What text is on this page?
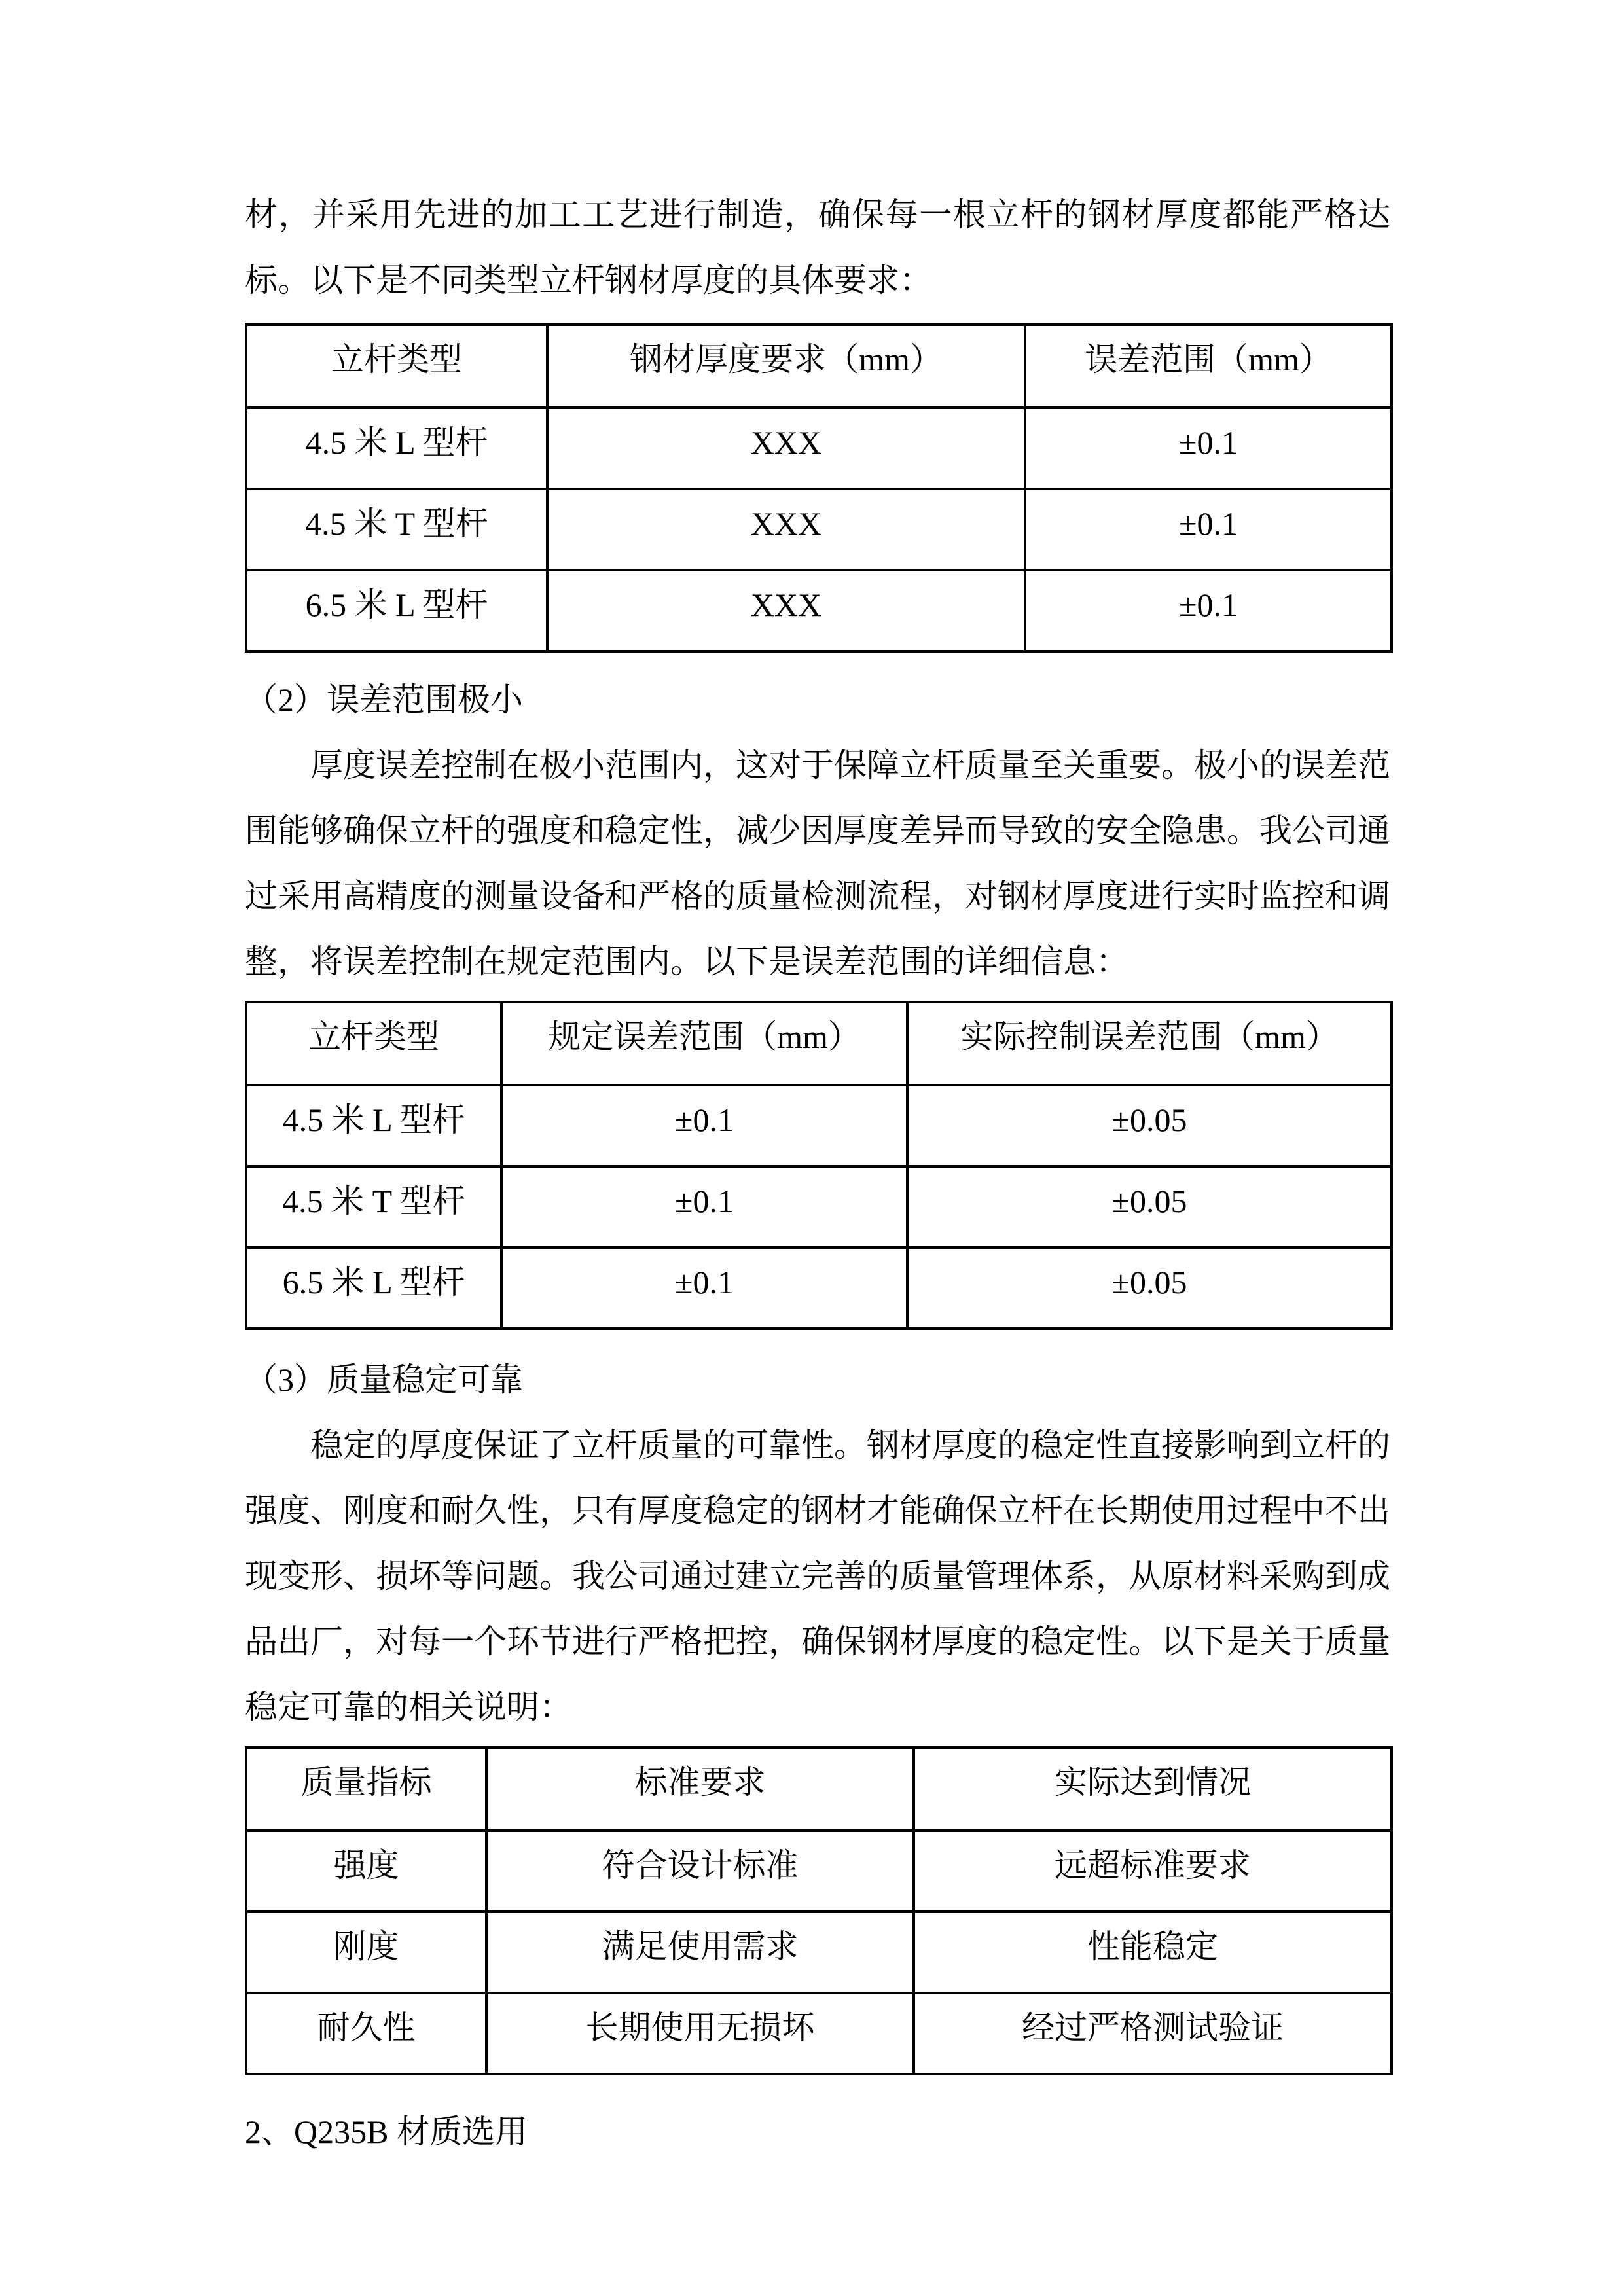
材，并采用先进的加工工艺进行制造，确保每一根立杆的钢材厚度都能严格达标。以下是不同类型立杆钢材厚度的具体要求：

立杆类型	钢材厚度要求（mm）	误差范围（mm）
4.5 米 L 型杆	XXX	±0.1
4.5 米 T 型杆	XXX	±0.1
6.5 米 L 型杆	XXX	±0.1
（2）误差范围极小

厚度误差控制在极小范围内，这对于保障立杆质量至关重要。极小的误差范围能够确保立杆的强度和稳定性，减少因厚度差异而导致的安全隐患。我公司通过采用高精度的测量设备和严格的质量检测流程，对钢材厚度进行实时监控和调整，将误差控制在规定范围内。以下是误差范围的详细信息：

立杆类型	规定误差范围（mm）	实际控制误差范围（mm）
4.5 米 L 型杆	±0.1	±0.05
4.5 米 T 型杆	±0.1	±0.05
6.5 米 L 型杆	±0.1	±0.05
（3）质量稳定可靠

稳定的厚度保证了立杆质量的可靠性。钢材厚度的稳定性直接影响到立杆的强度、刚度和耐久性，只有厚度稳定的钢材才能确保立杆在长期使用过程中不出现变形、损坏等问题。我公司通过建立完善的质量管理体系，从原材料采购到成品出厂，对每一个环节进行严格把控，确保钢材厚度的稳定性。以下是关于质量稳定可靠的相关说明：

质量指标	标准要求	实际达到情况
强度	符合设计标准	远超标准要求
刚度	满足使用需求	性能稳定
耐久性	长期使用无损坏	经过严格测试验证

2、Q235B 材质选用
